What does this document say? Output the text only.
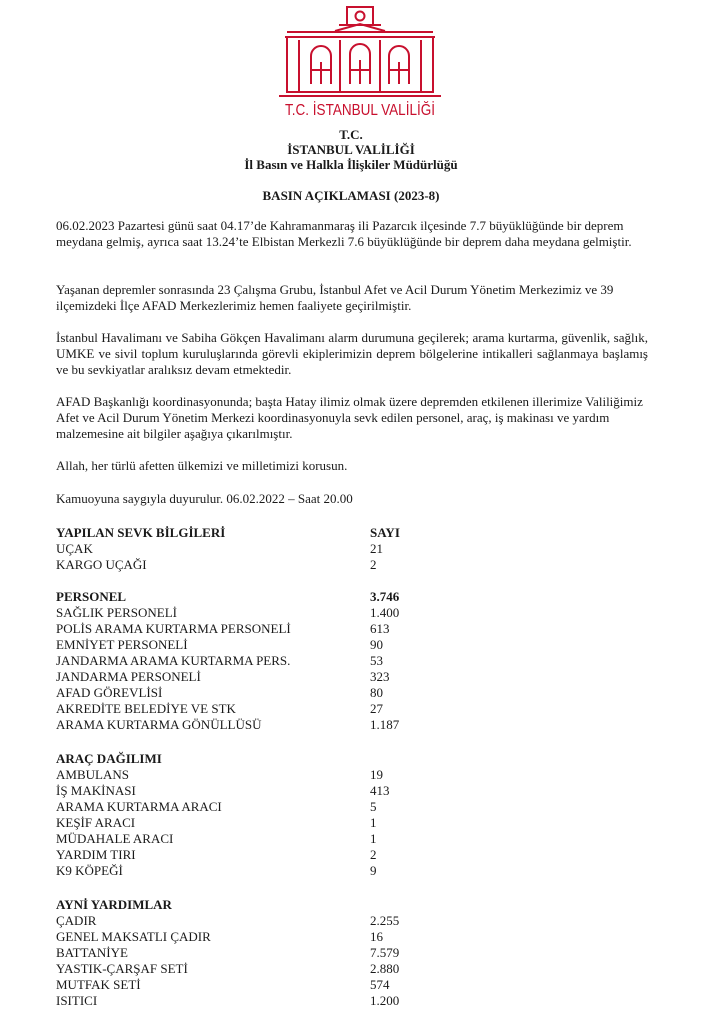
T.C. İSTANBUL VALİLİĞİ
T.C.
İSTANBUL VALİLİĞİ
İl Basın ve Halkla İlişkiler Müdürlüğü
BASIN AÇIKLAMASI (2023-8)

06.02.2023 Pazartesi günü saat 04.17’de Kahramanmaraş ili Pazarcık ilçesinde 7.7 büyüklüğünde bir deprem meydana gelmiş, ayrıca saat 13.24’te Elbistan Merkezli 7.6 büyüklüğünde bir deprem daha meydana gelmiştir.

Yaşanan depremler sonrasında 23 Çalışma Grubu, İstanbul Afet ve Acil Durum Yönetim Merkezimiz ve 39 ilçemizdeki İlçe AFAD Merkezlerimiz hemen faaliyete geçirilmiştir.

İstanbul Havalimanı ve Sabiha Gökçen Havalimanı alarm durumuna geçilerek; arama kurtarma, güvenlik, sağlık, UMKE ve sivil toplum kuruluşlarında görevli ekiplerimizin deprem bölgelerine intikalleri sağlanmaya başlamış ve bu sevkiyatlar aralıksız devam etmektedir.

AFAD Başkanlığı koordinasyonunda; başta Hatay ilimiz olmak üzere depremden etkilenen illerimize Valiliğimiz Afet ve Acil Durum Yönetim Merkezi koordinasyonuyla sevk edilen personel, araç, iş makinası ve yardım malzemesine ait bilgiler aşağıya çıkarılmıştır.

Allah, her türlü afetten ülkemizi ve milletimizi korusun.

Kamuoyuna saygıyla duyurulur. 06.02.2022 – Saat 20.00

YAPILAN SEVK BİLGİLERİ	SAYI
UÇAK	21
KARGO UÇAĞI	2
PERSONEL	3.746
SAĞLIK PERSONELİ	1.400
POLİS ARAMA KURTARMA PERSONELİ	613
EMNİYET PERSONELİ	90
JANDARMA ARAMA KURTARMA PERS.	53
JANDARMA PERSONELİ	323
AFAD GÖREVLİSİ	80
AKREDİTE BELEDİYE VE STK	27
ARAMA KURTARMA GÖNÜLLÜSÜ	1.187
ARAÇ DAĞILIMI
AMBULANS	19
İŞ MAKİNASI	413
ARAMA KURTARMA ARACI	5
KEŞİF ARACI	1
MÜDAHALE ARACI	1
YARDIM TIRI	2
K9 KÖPEĞİ	9
AYNİ YARDIMLAR
ÇADIR	2.255
GENEL MAKSATLI ÇADIR	16
BATTANİYE	7.579
YASTIK-ÇARŞAF SETİ	2.880
MUTFAK SETİ	574
ISITICI	1.200
